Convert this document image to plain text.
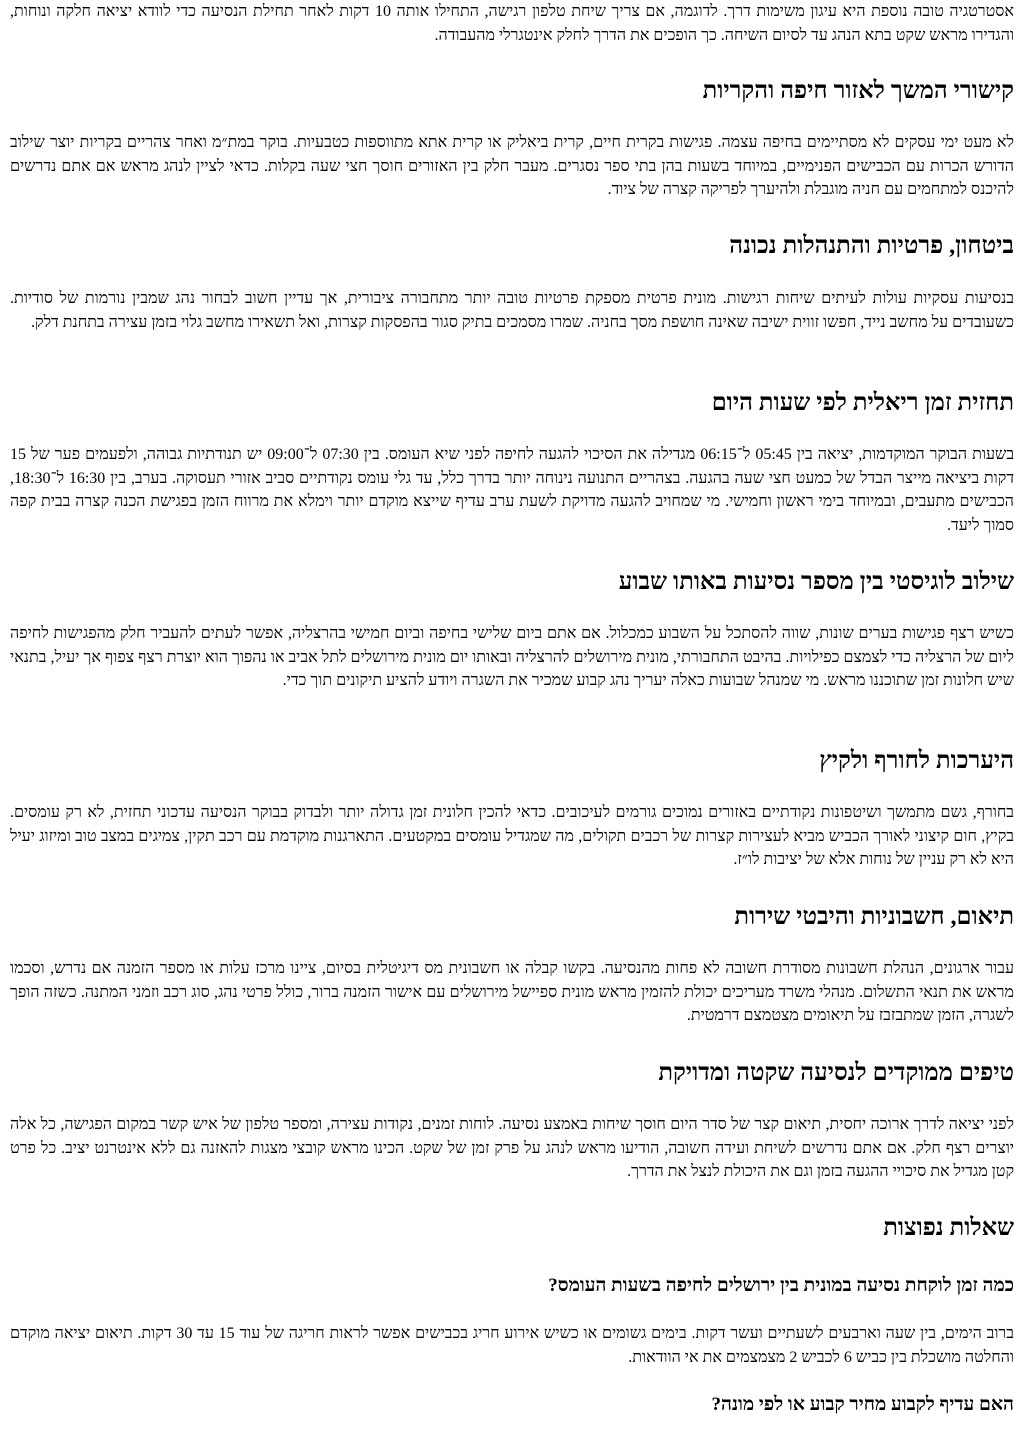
אסטרטגיה טובה נוספת היא עיגון משימות דרך. לדוגמה, אם צריך שיחת טלפון רגישה, התחילו אותה 10 דקות לאחר תחילת הנסיעה כדי לוודא יציאה חלקה ונוחות, והגדירו מראש שקט בתא הנהג עד לסיום השיחה. כך הופכים את הדרך לחלק אינטגרלי מהעבודה.

קישורי המשך לאזור חיפה והקריות

לא מעט ימי עסקים לא מסתיימים בחיפה עצמה. פגישות בקרית חיים, קרית ביאליק או קרית אתא מתווספות כטבעיות. בוקר במת״מ ואחר צהריים בקריות יוצר שילוב הדורש הכרות עם הכבישים הפנימיים, במיוחד בשעות בהן בתי ספר נסגרים. מעבר חלק בין האזורים חוסך חצי שעה בקלות. כדאי לציין לנהג מראש אם אתם נדרשים להיכנס למתחמים עם חניה מוגבלת ולהיערך לפריקה קצרה של ציוד.

ביטחון, פרטיות והתנהלות נכונה

בנסיעות עסקיות עולות לעיתים שיחות רגישות. מונית פרטית מספקת פרטיות טובה יותר מתחבורה ציבורית, אך עדיין חשוב לבחור נהג שמבין נורמות של סודיות. כשעובדים על מחשב נייד, חפשו זווית ישיבה שאינה חושפת מסך בחניה. שמרו מסמכים בתיק סגור בהפסקות קצרות, ואל תשאירו מחשב גלוי בזמן עצירה בתחנת דלק.

תחזית זמן ריאלית לפי שעות היום

בשעות הבוקר המוקדמות, יציאה בין 05:45 ל־06:15 מגדילה את הסיכוי להגעה לחיפה לפני שיא העומס. בין 07:30 ל־09:00 יש תנודתיות גבוהה, ולפעמים פער של 15 דקות ביציאה מייצר הבדל של כמעט חצי שעה בהגעה. בצהריים התנועה נינוחה יותר בדרך כלל, עד גלי עומס נקודתיים סביב אזורי תעסוקה. בערב, בין 16:30 ל־18:30, הכבישים מתעבים, ובמיוחד בימי ראשון וחמישי. מי שמחויב להגעה מדויקת לשעת ערב עדיף שייצא מוקדם יותר וימלא את מרווח הזמן בפגישת הכנה קצרה בבית קפה סמוך ליעד.

שילוב לוגיסטי בין מספר נסיעות באותו שבוע

כשיש רצף פגישות בערים שונות, שווה להסתכל על השבוע כמכלול. אם אתם ביום שלישי בחיפה וביום חמישי בהרצליה, אפשר לעתים להעביר חלק מהפגישות לחיפה ליום של הרצליה כדי לצמצם כפילויות. בהיבט התחבורתי, מונית מירושלים להרצליה ובאותו יום מונית מירושלים לתל אביב או נהפוך הוא יוצרת רצף צפוף אך יעיל, בתנאי שיש חלונות זמן שתוכננו מראש. מי שמנהל שבועות כאלה יעריך נהג קבוע שמכיר את השגרה ויודע להציע תיקונים תוך כדי.

היערכות לחורף ולקיץ

בחורף, גשם מתמשך ושיטפונות נקודתיים באזורים נמוכים גורמים לעיכובים. כדאי להכין חלונית זמן גדולה יותר ולבדוק בבוקר הנסיעה עדכוני תחזית, לא רק עומסים. בקיץ, חום קיצוני לאורך הכביש מביא לעצירות קצרות של רכבים תקולים, מה שמגדיל עומסים במקטעים. התארגנות מוקדמת עם רכב תקין, צמיגים במצב טוב ומיזוג יעיל היא לא רק עניין של נוחות אלא של יציבות לו״ז.

תיאום, חשבוניות והיבטי שירות

עבור ארגונים, הנהלת חשבונות מסודרת חשובה לא פחות מהנסיעה. בקשו קבלה או חשבונית מס דיגיטלית בסיום, ציינו מרכז עלות או מספר הזמנה אם נדרש, וסכמו מראש את תנאי התשלום. מנהלי משרד מעריכים יכולת להזמין מראש מונית ספיישל מירושלים עם אישור הזמנה ברור, כולל פרטי נהג, סוג רכב וזמני המתנה. כשזה הופך לשגרה, הזמן שמתבזבז על תיאומים מצטמצם דרמטית.

טיפים ממוקדים לנסיעה שקטה ומדויקת

לפני יציאה לדרך ארוכה יחסית, תיאום קצר של סדר היום חוסך שיחות באמצע נסיעה. לוחות זמנים, נקודות עצירה, ומספר טלפון של איש קשר במקום הפגישה, כל אלה יוצרים רצף חלק. אם אתם נדרשים לשיחת ועידה חשובה, הודיעו מראש לנהג על פרק זמן של שקט. הכינו מראש קובצי מצגות להאזנה גם ללא אינטרנט יציב. כל פרט קטן מגדיל את סיכויי ההגעה בזמן וגם את היכולת לנצל את הדרך.

שאלות נפוצות
כמה זמן לוקחת נסיעה במונית בין ירושלים לחיפה בשעות העומס?

ברוב הימים, בין שעה וארבעים לשעתיים ועשר דקות. בימים גשומים או כשיש אירוע חריג בכבישים אפשר לראות חריגה של עוד 15 עד 30 דקות. תיאום יציאה מוקדם והחלטה מושכלת בין כביש 6 לכביש 2 מצמצמים את אי הוודאות.

האם עדיף לקבוע מחיר קבוע או לפי מונה?
